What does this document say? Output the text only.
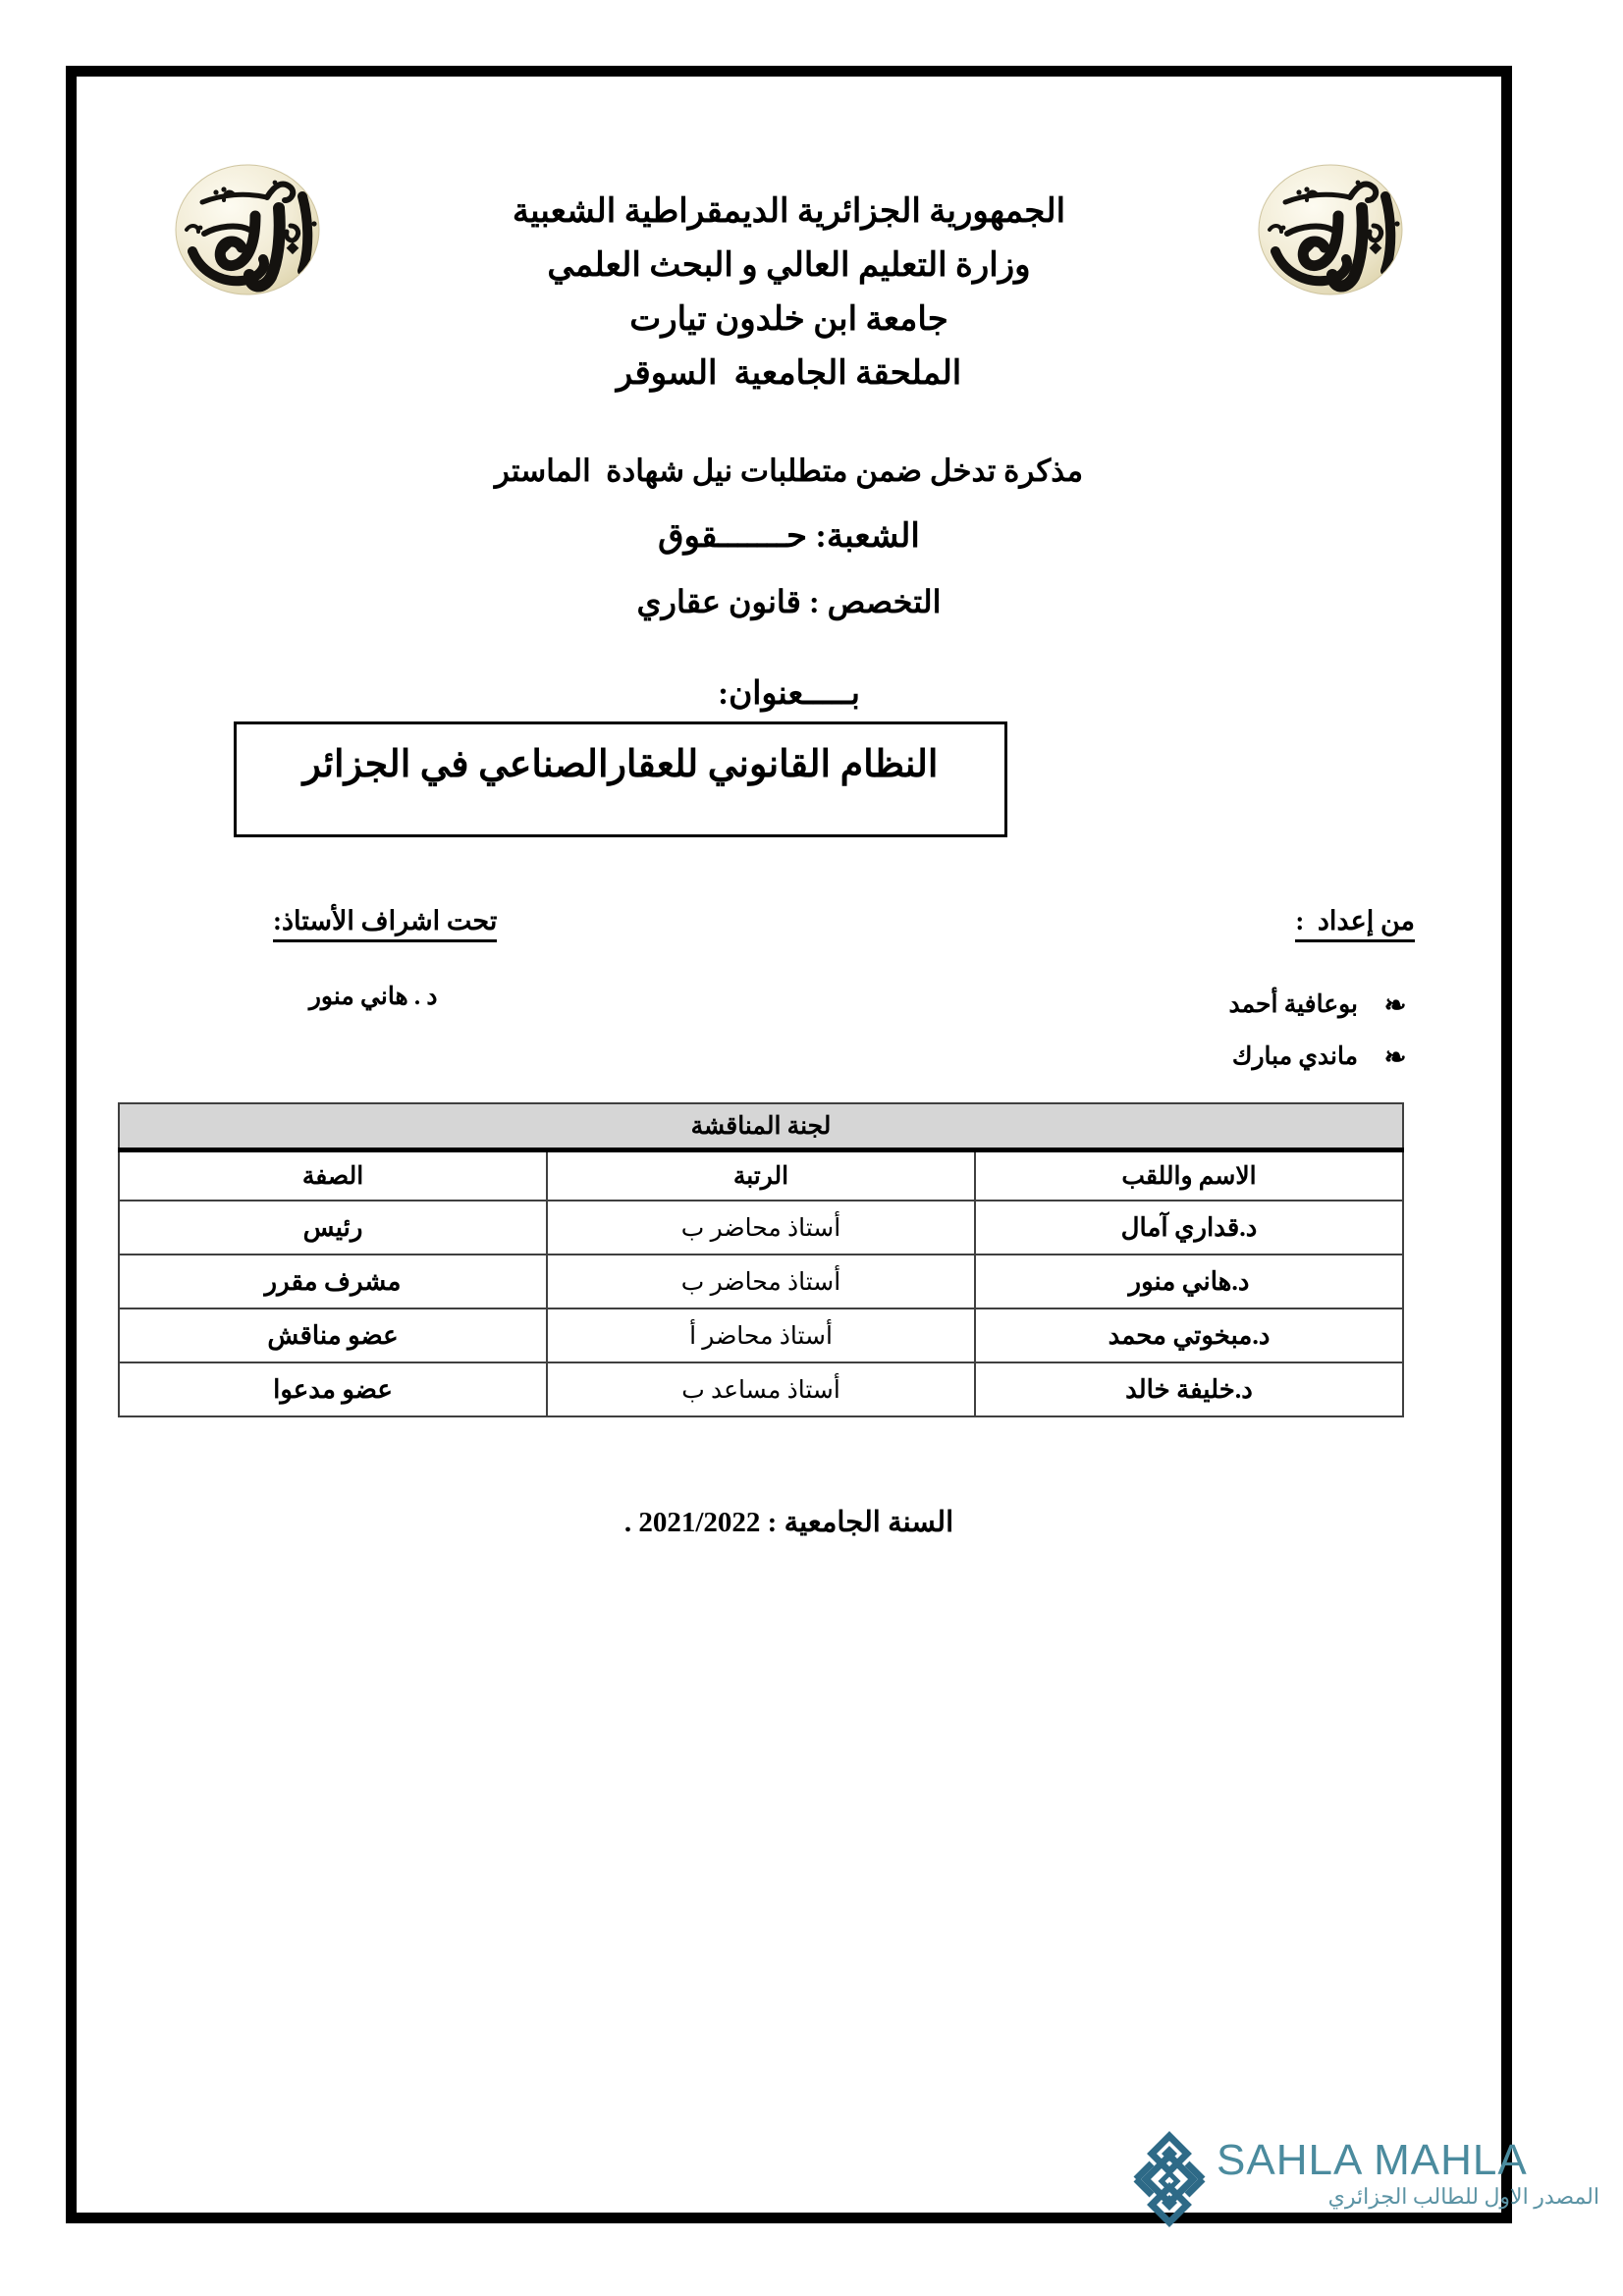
الجمهورية الجزائرية الديمقراطية الشعبية
وزارة التعليم العالي و البحث العلمي
جامعة ابن خلدون تيارت
الملحقة الجامعية  السوقر
مذكرة تدخل ضمن متطلبات نيل شهادة  الماستر
الشعبة: حـــــــقوق
التخصص : قانون عقاري
بـــــعنوان:
النظام القانوني للعقارالصناعي في الجزائر
من إعداد  :
❧
بوعافية أحمد
❧
ماندي مبارك
تحت اشراف الأستاذ:
د . هاني منور
لجنة المناقشة		
الاسم واللقب	الرتبة	الصفة
د.قداري آمال	أستاذ محاضر ب	رئيس
د.هاني منور	أستاذ محاضر ب	مشرف مقرر
د.مبخوتي محمد	أستاذ محاضر أ	عضو مناقش
د.خليفة خالد	أستاذ مساعد ب	عضو مدعوا
السنة الجامعية : 2021/2022 .
SAHLA MAHLA
المصدر الاول للطالب الجزائري
